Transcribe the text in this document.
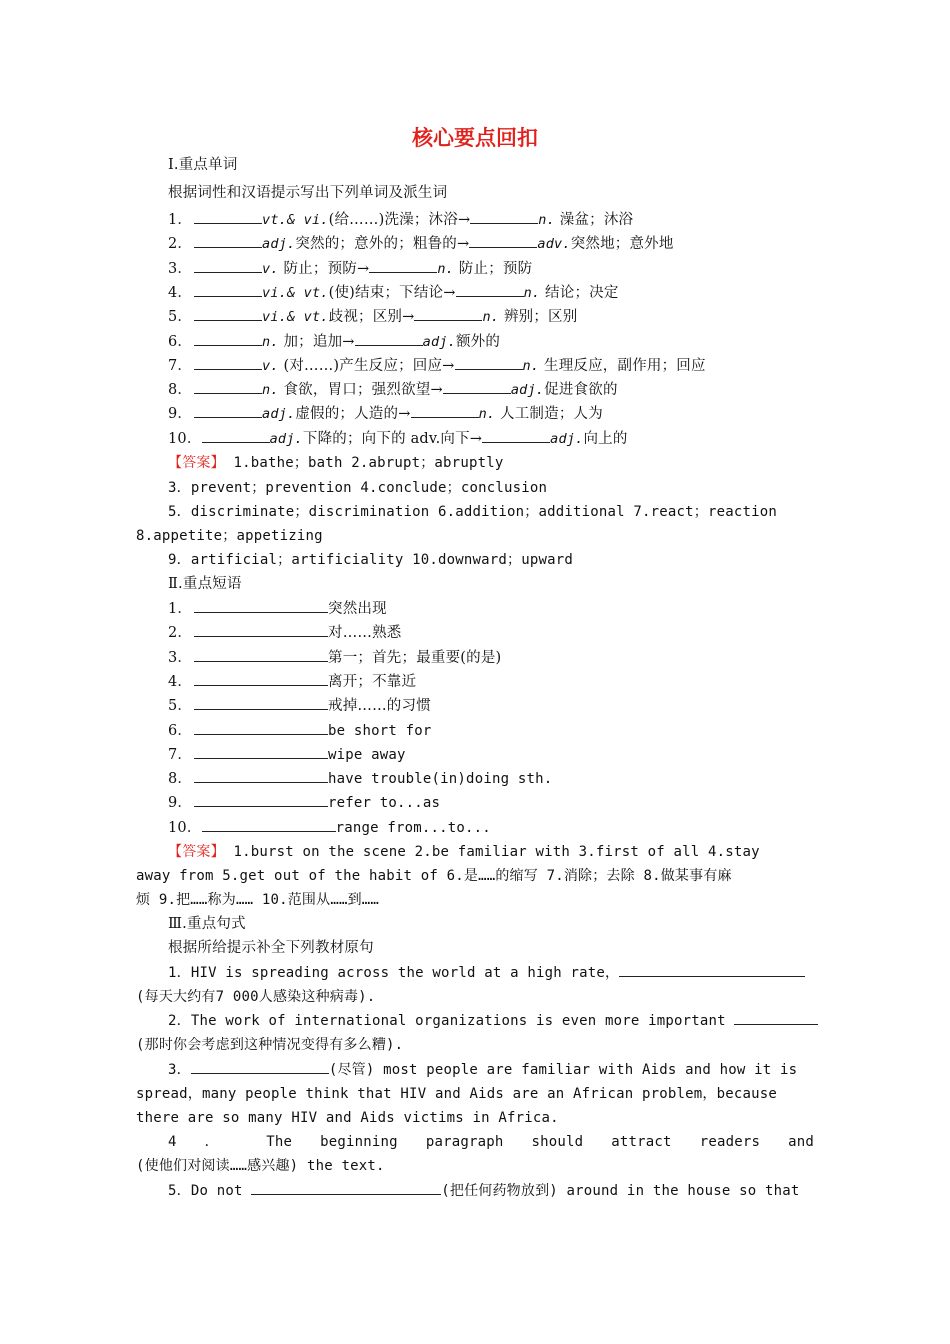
核心要点回扣
Ⅰ.重点单词
根据词性和汉语提示写出下列单词及派生词
1．	vt.& vi.(给……)洗澡；沐浴→	n. 澡盆；沐浴
2．	adj.突然的；意外的；粗鲁的→	adv.突然地；意外地
3．	v. 防止；预防→	n. 防止；预防
4．	vi.& vt.(使)结束；下结论→	n. 结论；决定
5．	vi.& vt.歧视；区别→	n. 辨别；区别
6．	n. 加；追加→	adj.额外的
7．	v. (对……)产生反应；回应→	n. 生理反应，副作用；回应
8．	n. 食欲，胃口；强烈欲望→	adj.促进食欲的
9．	adj.虚假的；人造的→	n. 人工制造；人为
10．	adj.下降的；向下的 adv.向下→	adj.向上的
【答案】 1.bathe；bath 2.abrupt；abruptly
3．prevent；prevention 4.conclude；conclusion
5．discriminate；discrimination 6.addition；additional 7.react；reaction
8.appetite；appetizing
9．artificial；artificiality 10.downward；upward
Ⅱ.重点短语
1．	突然出现
2．	对……熟悉
3．	第一；首先；最重要(的是)
4．	离开；不靠近
5．	戒掉……的习惯
6．	be short for
7．	wipe away
8．	have trouble(in)doing sth.
9．	refer to...as
10．	range from...to...
【答案】 1.burst on the scene 2.be familiar with 3.first of all 4.stay
away from 5.get out of the habit of 6.是……的缩写 7.消除；去除 8.做某事有麻
烦 9.把……称为…… 10.范围从……到……
Ⅲ.重点句式
根据所给提示补全下列教材原句
1．HIV is spreading across the world at a high rate，
(每天大约有7 000人感染这种病毒).
2．The work of international organizations is even more important
(那时你会考虑到这种情况变得有多么糟).
3．	(尽管) most people are familiar with Aids and how it is
spread，many people think that HIV and Aids are an African problem，because
there are so many HIV and Aids victims in Africa.
4 ． The beginning paragraph should attract readers and
(使他们对阅读……感兴趣) the text.
5．Do not	(把任何药物放到) around in the house so that
